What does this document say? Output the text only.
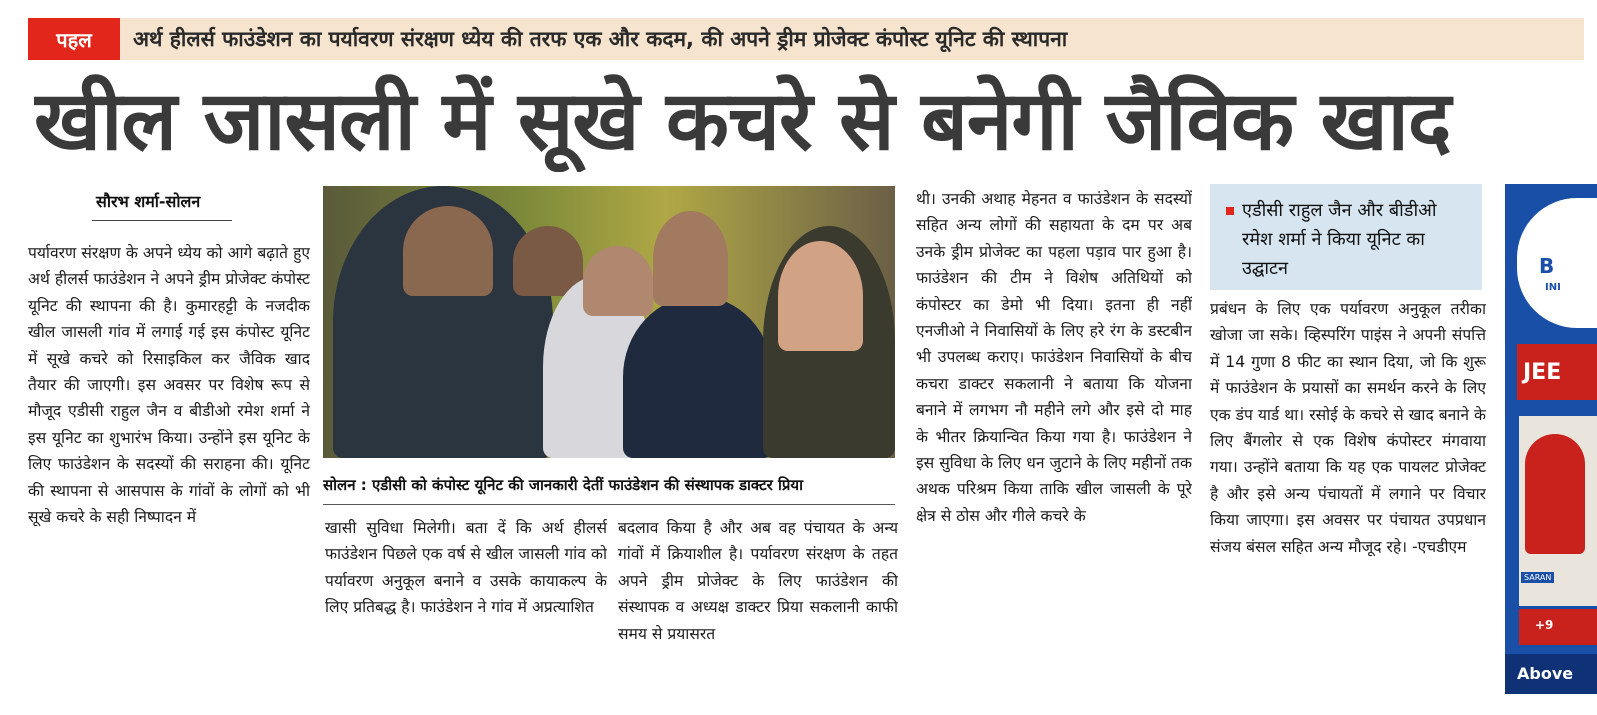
पहल	अर्थ हीलर्स फाउंडेशन का पर्यावरण संरक्षण ध्येय की तरफ एक और कदम, की अपने ड्रीम प्रोजेक्ट कंपोस्ट यूनिट की स्थापना
खील जासली में सूखे कचरे से बनेगी जैविक खाद
सौरभ शर्मा-सोलन
पर्यावरण संरक्षण के अपने ध्येय को आगे बढ़ाते हुए अर्थ हीलर्स फाउंडेशन ने अपने ड्रीम प्रोजेक्ट कंपोस्ट यूनिट की स्थापना की है। कुमारहट्टी के नजदीक खील जासली गांव में लगाई गई इस कंपोस्ट यूनिट में सूखे कचरे को रिसाइकिल कर जैविक खाद तैयार की जाएगी। इस अवसर पर विशेष रूप से मौजूद एडीसी राहुल जैन व बीडीओ रमेश शर्मा ने इस यूनिट का शुभारंभ किया। उन्होंने इस यूनिट के लिए फाउंडेशन के सदस्यों की सराहना की। यूनिट की स्थापना से आसपास के गांवों के लोगों को भी सूखे कचरे के सही निष्पादन में
सोलन : एडीसी को कंपोस्ट यूनिट की जानकारी देतीं फाउंडेशन की संस्थापक डाक्टर प्रिया
खासी सुविधा मिलेगी। बता दें कि अर्थ हीलर्स फाउंडेशन पिछले एक वर्ष से खील जासली गांव को पर्यावरण अनुकूल बनाने व उसके कायाकल्प के लिए प्रतिबद्ध है। फाउंडेशन ने गांव में अप्रत्याशित
बदलाव किया है और अब वह पंचायत के अन्य गांवों में क्रियाशील है। पर्यावरण संरक्षण के तहत अपने ड्रीम प्रोजेक्ट के लिए फाउंडेशन की संस्थापक व अध्यक्ष डाक्टर प्रिया सकलानी काफी समय से प्रयासरत
थी। उनकी अथाह मेहनत व फाउंडेशन के सदस्यों सहित अन्य लोगों की सहायता के दम पर अब उनके ड्रीम प्रोजेक्ट का पहला पड़ाव पार हुआ है। फाउंडेशन की टीम ने विशेष अतिथियों को कंपोस्टर का डेमो भी दिया। इतना ही नहीं एनजीओ ने निवासियों के लिए हरे रंग के डस्टबीन भी उपलब्ध कराए। फाउंडेशन निवासियों के बीच कचरा डाक्टर सकलानी ने बताया कि योजना बनाने में लगभग नौ महीने लगे और इसे दो माह के भीतर क्रियान्वित किया गया है। फाउंडेशन ने इस सुविधा के लिए धन जुटाने के लिए महीनों तक अथक परिश्रम किया ताकि खील जासली के पूरे क्षेत्र से ठोस और गीले कचरे के
एडीसी राहुल जैन और बीडीओ रमेश शर्मा ने किया यूनिट का उद्घाटन
प्रबंधन के लिए एक पर्यावरण अनुकूल तरीका खोजा जा सके। व्हिस्परिंग पाइंस ने अपनी संपत्ति में 14 गुणा 8 फीट का स्थान दिया, जो कि शुरू में फाउंडेशन के प्रयासों का समर्थन करने के लिए एक डंप यार्ड था। रसोई के कचरे से खाद बनाने के लिए बैंगलोर से एक विशेष कंपोस्टर मंगवाया गया। उन्होंने बताया कि यह एक पायलट प्रोजेक्ट है और इसे अन्य पंचायतों में लगाने पर विचार किया जाएगा। इस अवसर पर पंचायत उपप्रधान संजय बंसल सहित अन्य मौजूद रहे। -एचडीएम
B
INI
JEE
SARAN
+9
Above
